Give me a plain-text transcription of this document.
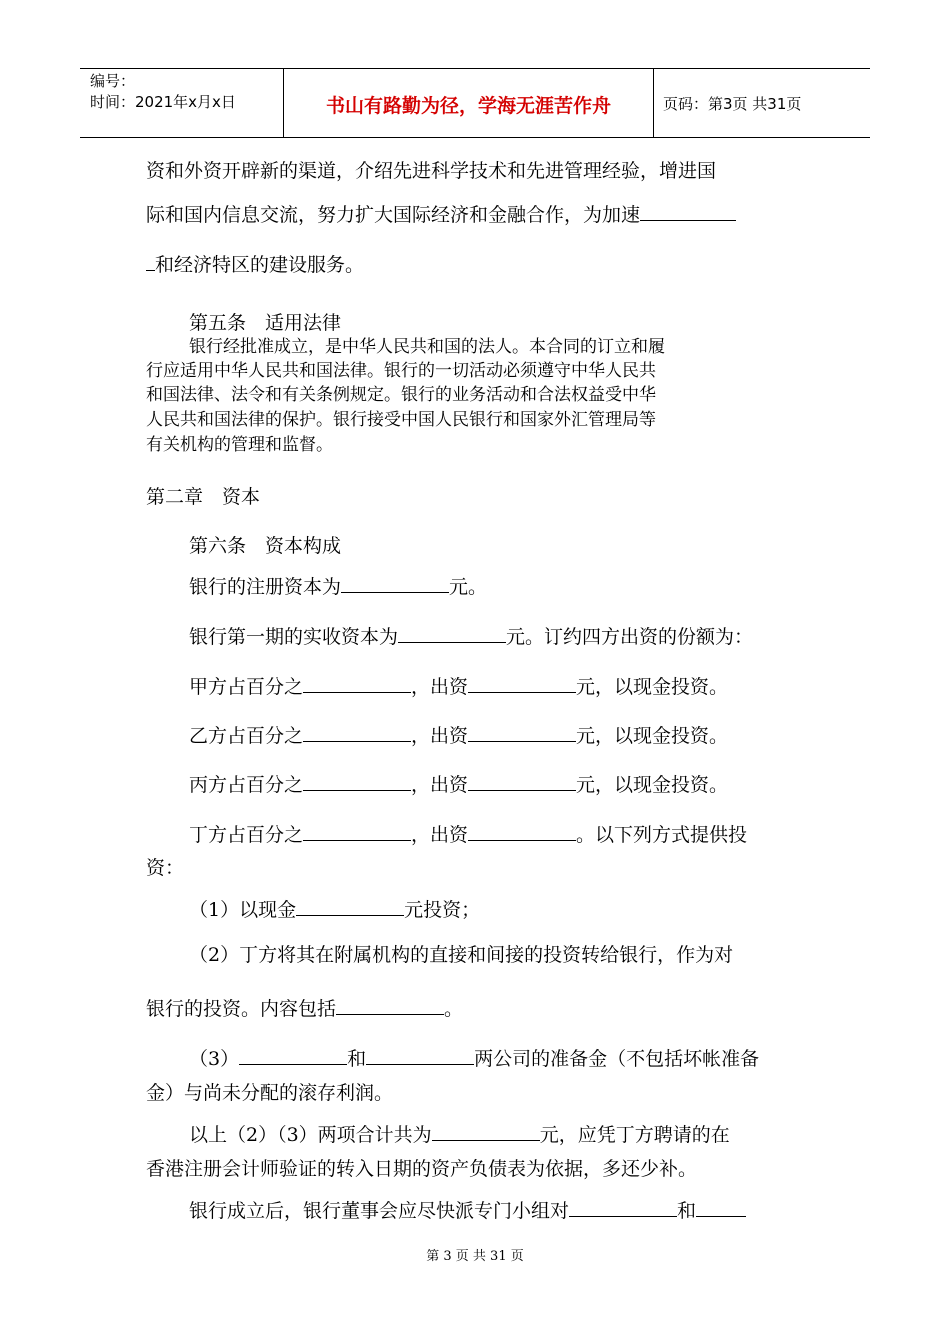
编号：
时间：2021年x月x日	书山有路勤为径，学海无涯苦作舟	页码：第3页 共31页
资和外资开辟新的渠道，介绍先进科学技术和先进管理经验，增进国
际和国内信息交流，努力扩大国际经济和金融合作，为加速
和经济特区的建设服务。
第五条　适用法律
银行经批准成立，是中华人民共和国的法人。本合同的订立和履
行应适用中华人民共和国法律。银行的一切活动必须遵守中华人民共
和国法律、法令和有关条例规定。银行的业务活动和合法权益受中华
人民共和国法律的保护。银行接受中国人民银行和国家外汇管理局等
有关机构的管理和监督。
第二章　资本
第六条　资本构成
银行的注册资本为	元。
银行第一期的实收资本为	元。订约四方出资的份额为：
甲方占百分之	，出资	元，以现金投资。
乙方占百分之	，出资	元，以现金投资。
丙方占百分之	，出资	元，以现金投资。
丁方占百分之	，出资	。以下列方式提供投
资：
（1）以现金	元投资；
（2）丁方将其在附属机构的直接和间接的投资转给银行，作为对
银行的投资。内容包括	。
（3）	和	两公司的准备金（不包括坏帐准备
金）与尚未分配的滚存利润。
以上（2）（3）两项合计共为	元，应凭丁方聘请的在
香港注册会计师验证的转入日期的资产负债表为依据，多还少补。
银行成立后，银行董事会应尽快派专门小组对	和
第 3 页 共 31 页
